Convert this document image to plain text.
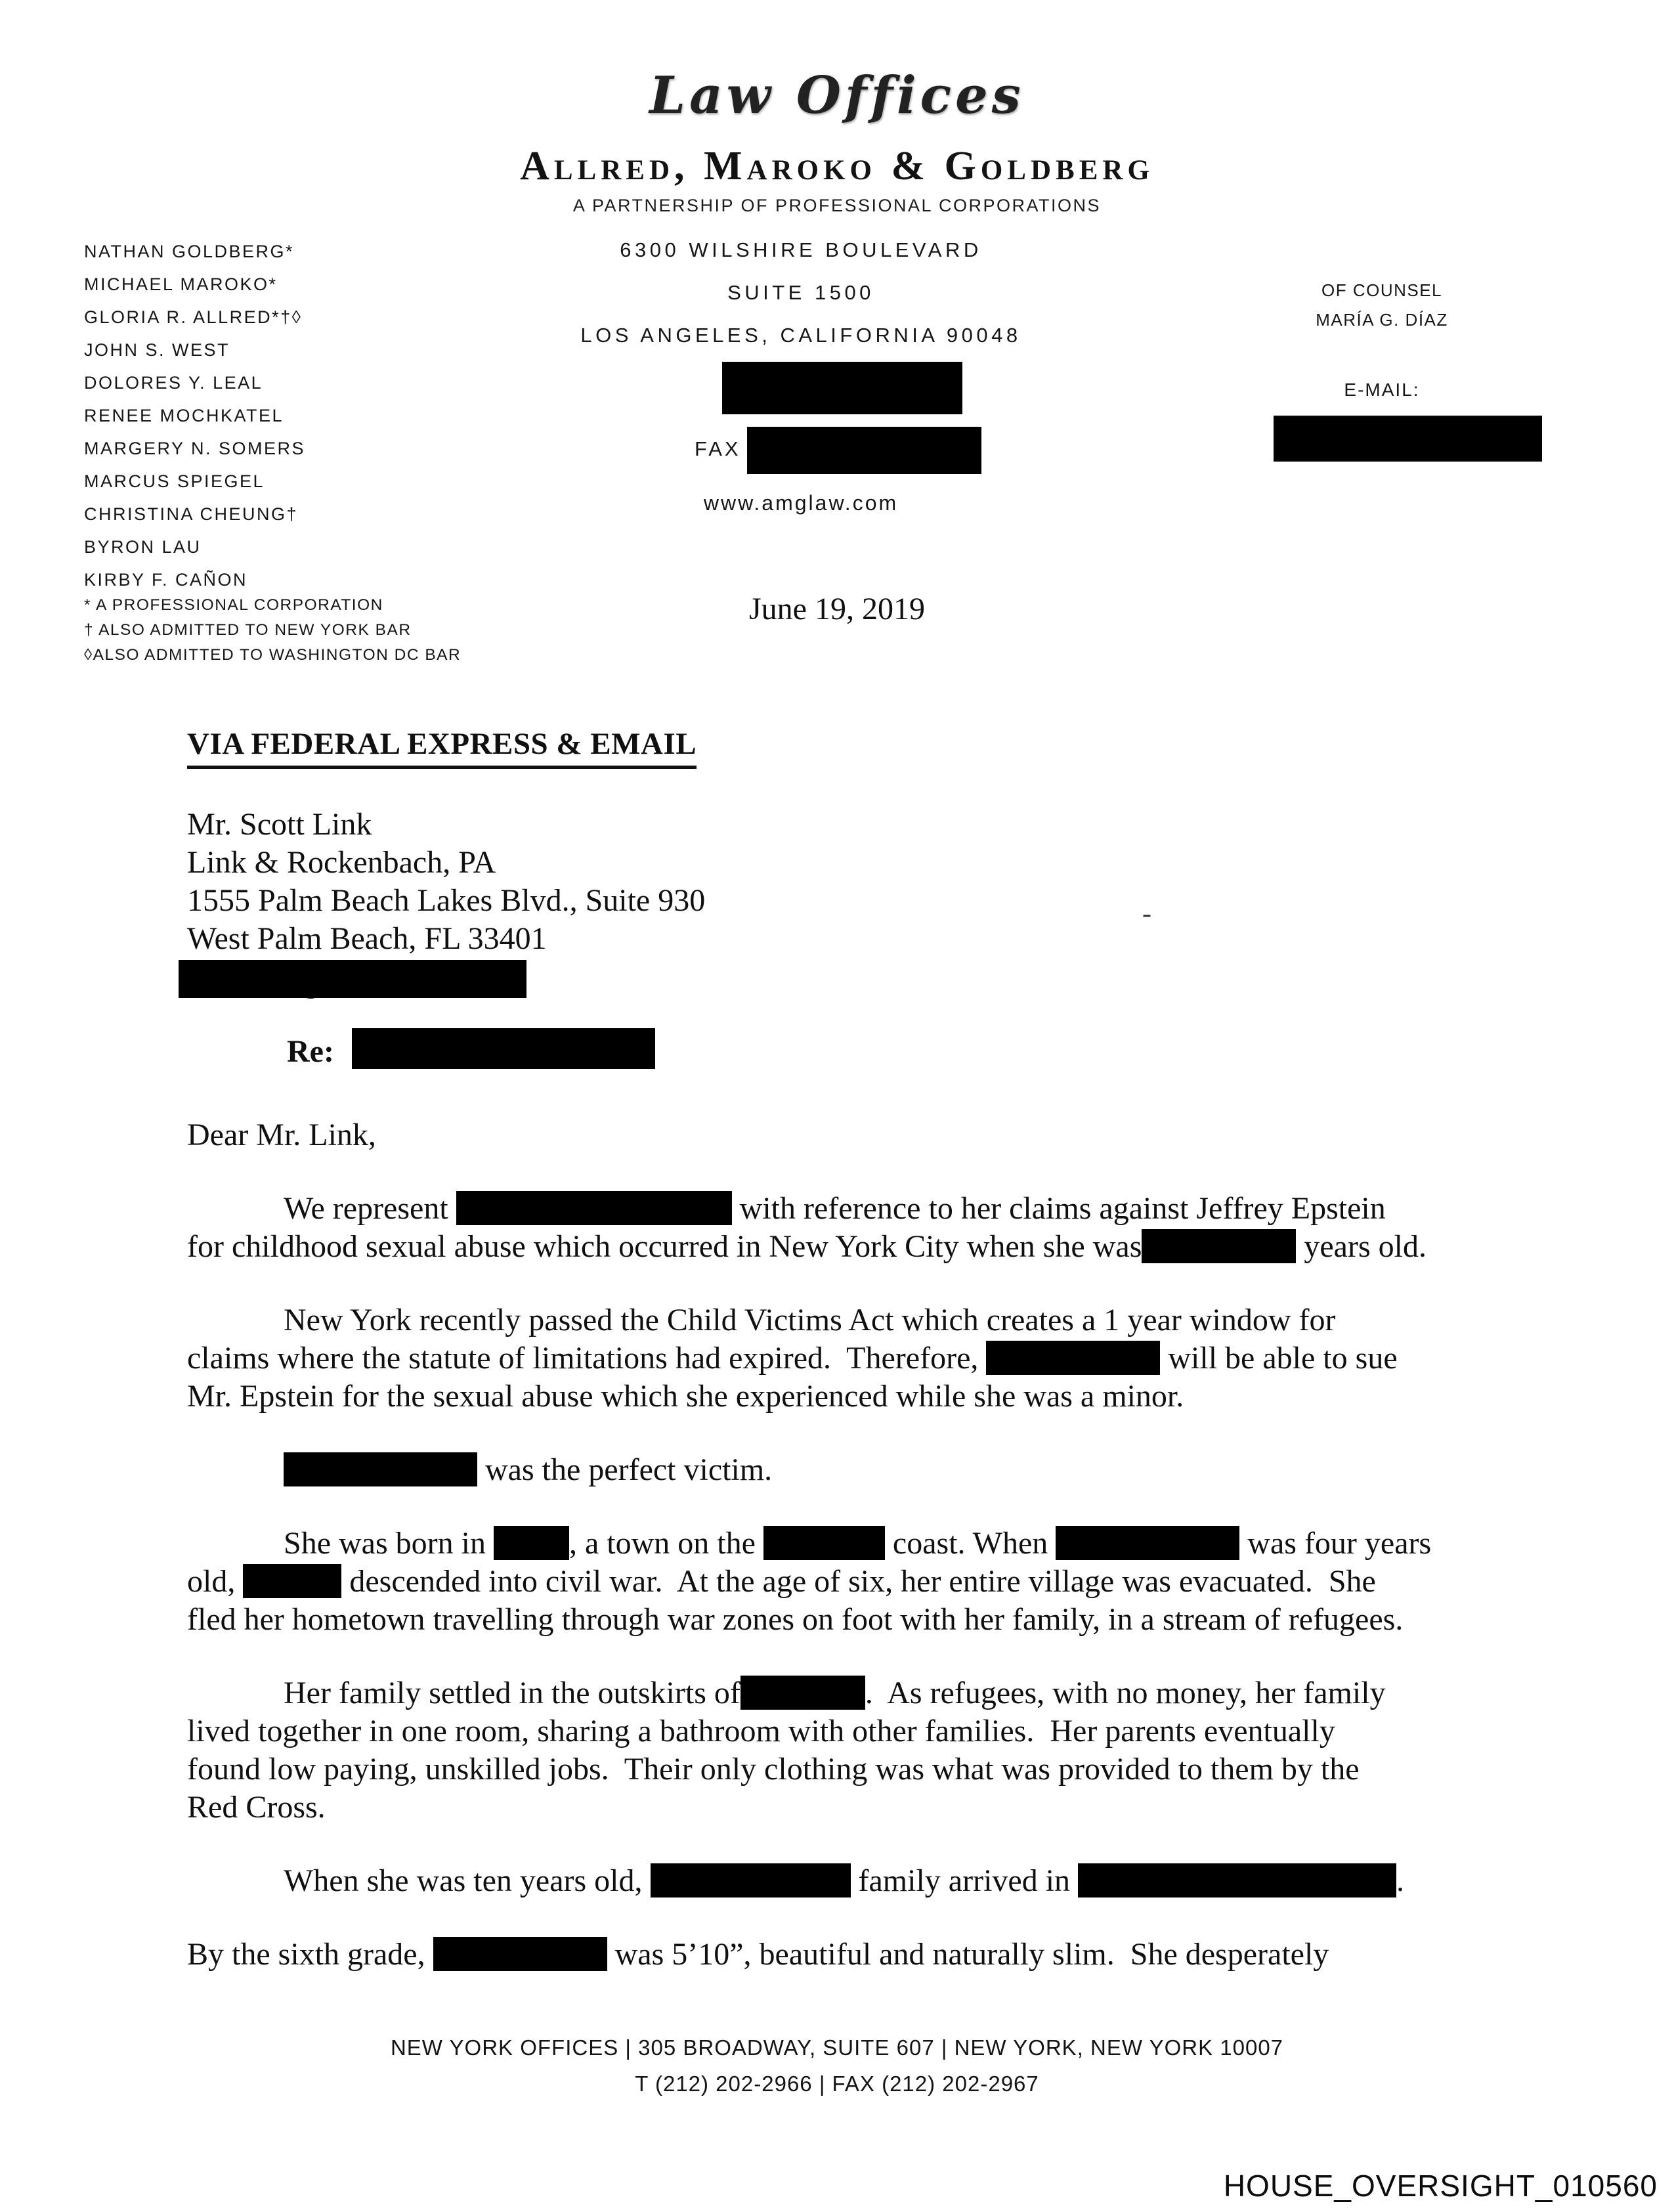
Law Offices
Allred, Maroko & Goldberg
A PARTNERSHIP OF PROFESSIONAL CORPORATIONS
NATHAN GOLDBERG*
MICHAEL MAROKO*
GLORIA R. ALLRED*†◊
JOHN S. WEST
DOLORES Y. LEAL
RENEE MOCHKATEL
MARGERY N. SOMERS
MARCUS SPIEGEL
CHRISTINA CHEUNG†
BYRON LAU
KIRBY F. CAÑON
* A PROFESSIONAL CORPORATION
† ALSO ADMITTED TO NEW YORK BAR
◊ALSO ADMITTED TO WASHINGTON DC BAR
6300 WILSHIRE BOULEVARD
SUITE 1500
LOS ANGELES, CALIFORNIA 90048
FAX
www.amglaw.com
OF COUNSEL
MARÍA G. DÍAZ
E-MAIL:
June 19, 2019
VIA FEDERAL EXPRESS & EMAIL
Mr. Scott Link
Link & Rockenbach, PA
1555 Palm Beach Lakes Blvd., Suite 930
West Palm Beach, FL 33401
Re:
-
Dear Mr. Link,
We represent	with reference to her claims against Jeffrey Epstein
for childhood sexual abuse which occurred in New York City when she was	years old.
New York recently passed the Child Victims Act which creates a 1 year window for
claims where the statute of limitations had expired.  Therefore,	will be able to sue
Mr. Epstein for the sexual abuse which she experienced while she was a minor.
was the perfect victim.
She was born in , a town on the	coast. When	was four years
old,	descended into civil war.  At the age of six, her entire village was evacuated.  She
fled her hometown travelling through war zones on foot with her family, in a stream of refugees.
Her family settled in the outskirts of	.  As refugees, with no money, her family
lived together in one room, sharing a bathroom with other families.  Her parents eventually
found low paying, unskilled jobs.  Their only clothing was what was provided to them by the
Red Cross.
When she was ten years old,	family arrived in	.
By the sixth grade,	was 5’10”, beautiful and naturally slim.  She desperately
NEW YORK OFFICES | 305 BROADWAY, SUITE 607 | NEW YORK, NEW YORK 10007
T (212) 202-2966 | FAX (212) 202-2967
HOUSE_OVERSIGHT_010560
